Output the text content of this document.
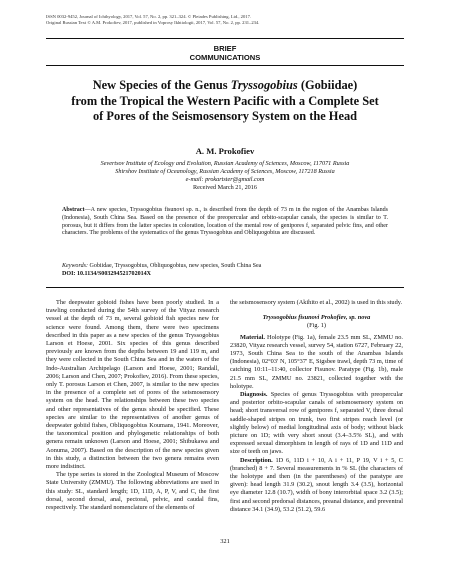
ISSN 0032-9452, Journal of Ichthyology, 2017, Vol. 57, No. 2, pp. 321–324. © Pleiades Publishing, Ltd., 2017.
Original Russian Text © A.M. Prokofiev, 2017, published in Voprosy Ikhtiologii, 2017, Vol. 57, No. 2, pp. 231–234.
BRIEF
COMMUNICATIONS
New Species of the Genus Tryssogobius (Gobiidae)
from the Tropical the Western Pacific with a Complete Set
of Pores of the Seismosensory System on the Head
A. M. Prokofiev
Severtsov Institute of Ecology and Evolution, Russian Academy of Sciences, Moscow, 117071 Russia
Shirshov Institute of Oceanology, Russian Academy of Sciences, Moscow, 117218 Russia
e-mail: prokartster@gmail.com
Received March 21, 2016
Abstract—A new species, Tryssogobius fisunovi sp. n., is described from the depth of 73 m in the region of the Anambas Islands (Indonesia), South China Sea. Based on the presence of the preopercular and orbito-scapular canals, the species is similar to T. porosus, but it differs from the latter species in coloration, location of the mental row of genipores f, separated pelvic fins, and other characters. The problems of the systematics of the genus Tryssogobius and Obliquogobius are discussed.
Keywords: Gobiidae, Tryssogobius, Obliquogobius, new species, South China Sea
DOI: 10.1134/S003294521702014X

The deepwater gobioid fishes have been poorly studied. In a trawling conducted during the 54th survey of the Vityaz research vessel at the depth of 73 m, several gobioid fish species new for science were found. Among them, there were two specimens described in this paper as a new species of the genus Tryssogobius Larson et Hoese, 2001. Six species of this genus described previously are known from the depths between 19 and 119 m, and they were collected in the South China Sea and in the waters of the Indo-Australian Archipelago (Larson and Hoese, 2001; Randall, 2006; Larson and Chen, 2007; Prokofiev, 2016). From these species, only T. porosus Larson et Chen, 2007, is similar to the new species in the presence of a complete set of pores of the seismosensory system on the head. The relationships between these two species and other representatives of the genus should be specified. These species are similar to the representatives of another genus of deepwater gobiid fishes, Obliquogobius Koumans, 1941. Moreover, the taxonomical position and phylogenetic relationships of both genera remain unknown (Larson and Hoese, 2001; Shibukawa and Aonuma, 2007). Based on the description of the new species given in this study, a distinction between the two genera remains even more indistinct.

The type series is stored in the Zoological Museum of Moscow State University (ZMMU). The following abbreviations are used in this study: SL, standard length; 1D, 11D, A, P, V, and C, the first dorsal, second dorsal, anal, pectoral, pelvic, and caudal fins, respectively. The standard nomenclature of the elements of

the seismosensory system (Akihito et al., 2002) is used in this study.

Tryssogobius fisunovi Prokofiev, sp. nova

(Fig. 1)

Material. Holotype (Fig. 1a), female 23.5 mm SL, ZMMU no. 23820, Vityaz research vessel, survey 54, station 6727, February 22, 1973, South China Sea to the south of the Anambas Islands (Indonesia), 02°03′ N, 105°37′ E, Sigsbee trawl, depth 73 m, time of catching 10:11–11:40, collector Fisunov. Paratype (Fig. 1b), male 21.5 mm SL, ZMMU no. 23821, collected together with the holotype.

Diagnosis. Species of genus Tryssogobius with preopercular and posterior orbito-scapular canals of seismosensory system on head; short transversal row of genipores f, separated V, three dorsal saddle-shaped stripes on trunk, two first stripes reach level (or slightly below) of medial longitudinal axis of body; without black picture on 1D; with very short snout (3.4–3.5% SL), and with expressed sexual dimorphism in length of rays of 1D and 11D and size of teeth on jaws.

Description. 1D 6, 11D i + 10, A i + 11, P 19, V i + 5, C (branched) 8 + 7. Several measurements in % SL (the characters of the holotype and then (in the parentheses) of the paratype are given): head length 31.9 (30.2), snout length 3.4 (3.5), horizontal eye diameter 12.8 (10.7), width of bony interorbital space 3.2 (3.5); first and second predorsal distances, preanal distance, and preventral distance 34.1 (34.9), 53.2 (51.2), 59.6

321
